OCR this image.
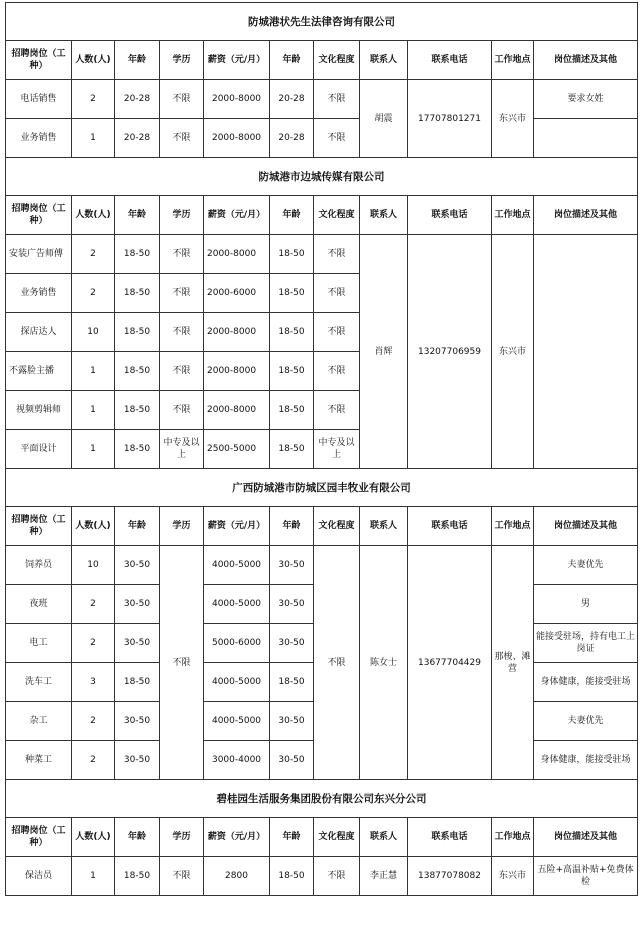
防城港状先生法律咨询有限公司										
招聘岗位（工种）	人数(人)	年龄	学历	薪资（元/月）	年龄	文化程度	联系人	联系电话	工作地点	岗位描述及其他
电话销售	2	20-28	不限	2000-8000	20-28	不限	胡震	17707801271	东兴市	要求女姓
业务销售	1	20-28	不限	2000-8000	20-28	不限				
防城港市边城传媒有限公司										
招聘岗位（工种）	人数(人)	年龄	学历	薪资（元/月）	年龄	文化程度	联系人	联系电话	工作地点	岗位描述及其他
安装广告师傅	2	18-50	不限	2000-8000	18-50	不限	肖辉	13207706959	东兴市	
业务销售	2	18-50	不限	2000-6000	18-50	不限				
探店达人	10	18-50	不限	2000-8000	18-50	不限				
不露脸主播	1	18-50	不限	2000-8000	18-50	不限				
视频剪辑师	1	18-50	不限	2000-8000	18-50	不限				
平面设计	1	18-50	中专及以上	2500-5000	18-50	中专及以上				
广西防城港市防城区园丰牧业有限公司										
招聘岗位（工种）	人数(人)	年龄	学历	薪资（元/月）	年龄	文化程度	联系人	联系电话	工作地点	岗位描述及其他
饲养员	10	30-50	不限	4000-5000	30-50	不限	陈女士	13677704429	那梭、滩营	夫妻优先
夜班	2	30-50		4000-5000	30-50					男
电工	2	30-50		5000-6000	30-50					能接受驻场，持有电工上岗证
洗车工	3	18-50		4000-5000	18-50					身体健康，能接受驻场
杂工	2	30-50		4000-5000	30-50					夫妻优先
种菜工	2	30-50		3000-4000	30-50					身体健康，能接受驻场
碧桂园生活服务集团股份有限公司东兴分公司										
招聘岗位（工种）	人数(人)	年龄	学历	薪资（元/月）	年龄	文化程度	联系人	联系电话	工作地点	岗位描述及其他
保洁员	1	18-50	不限	2800	18-50	不限	李正慧	13877078082	东兴市	五险+高温补贴+免费体检
